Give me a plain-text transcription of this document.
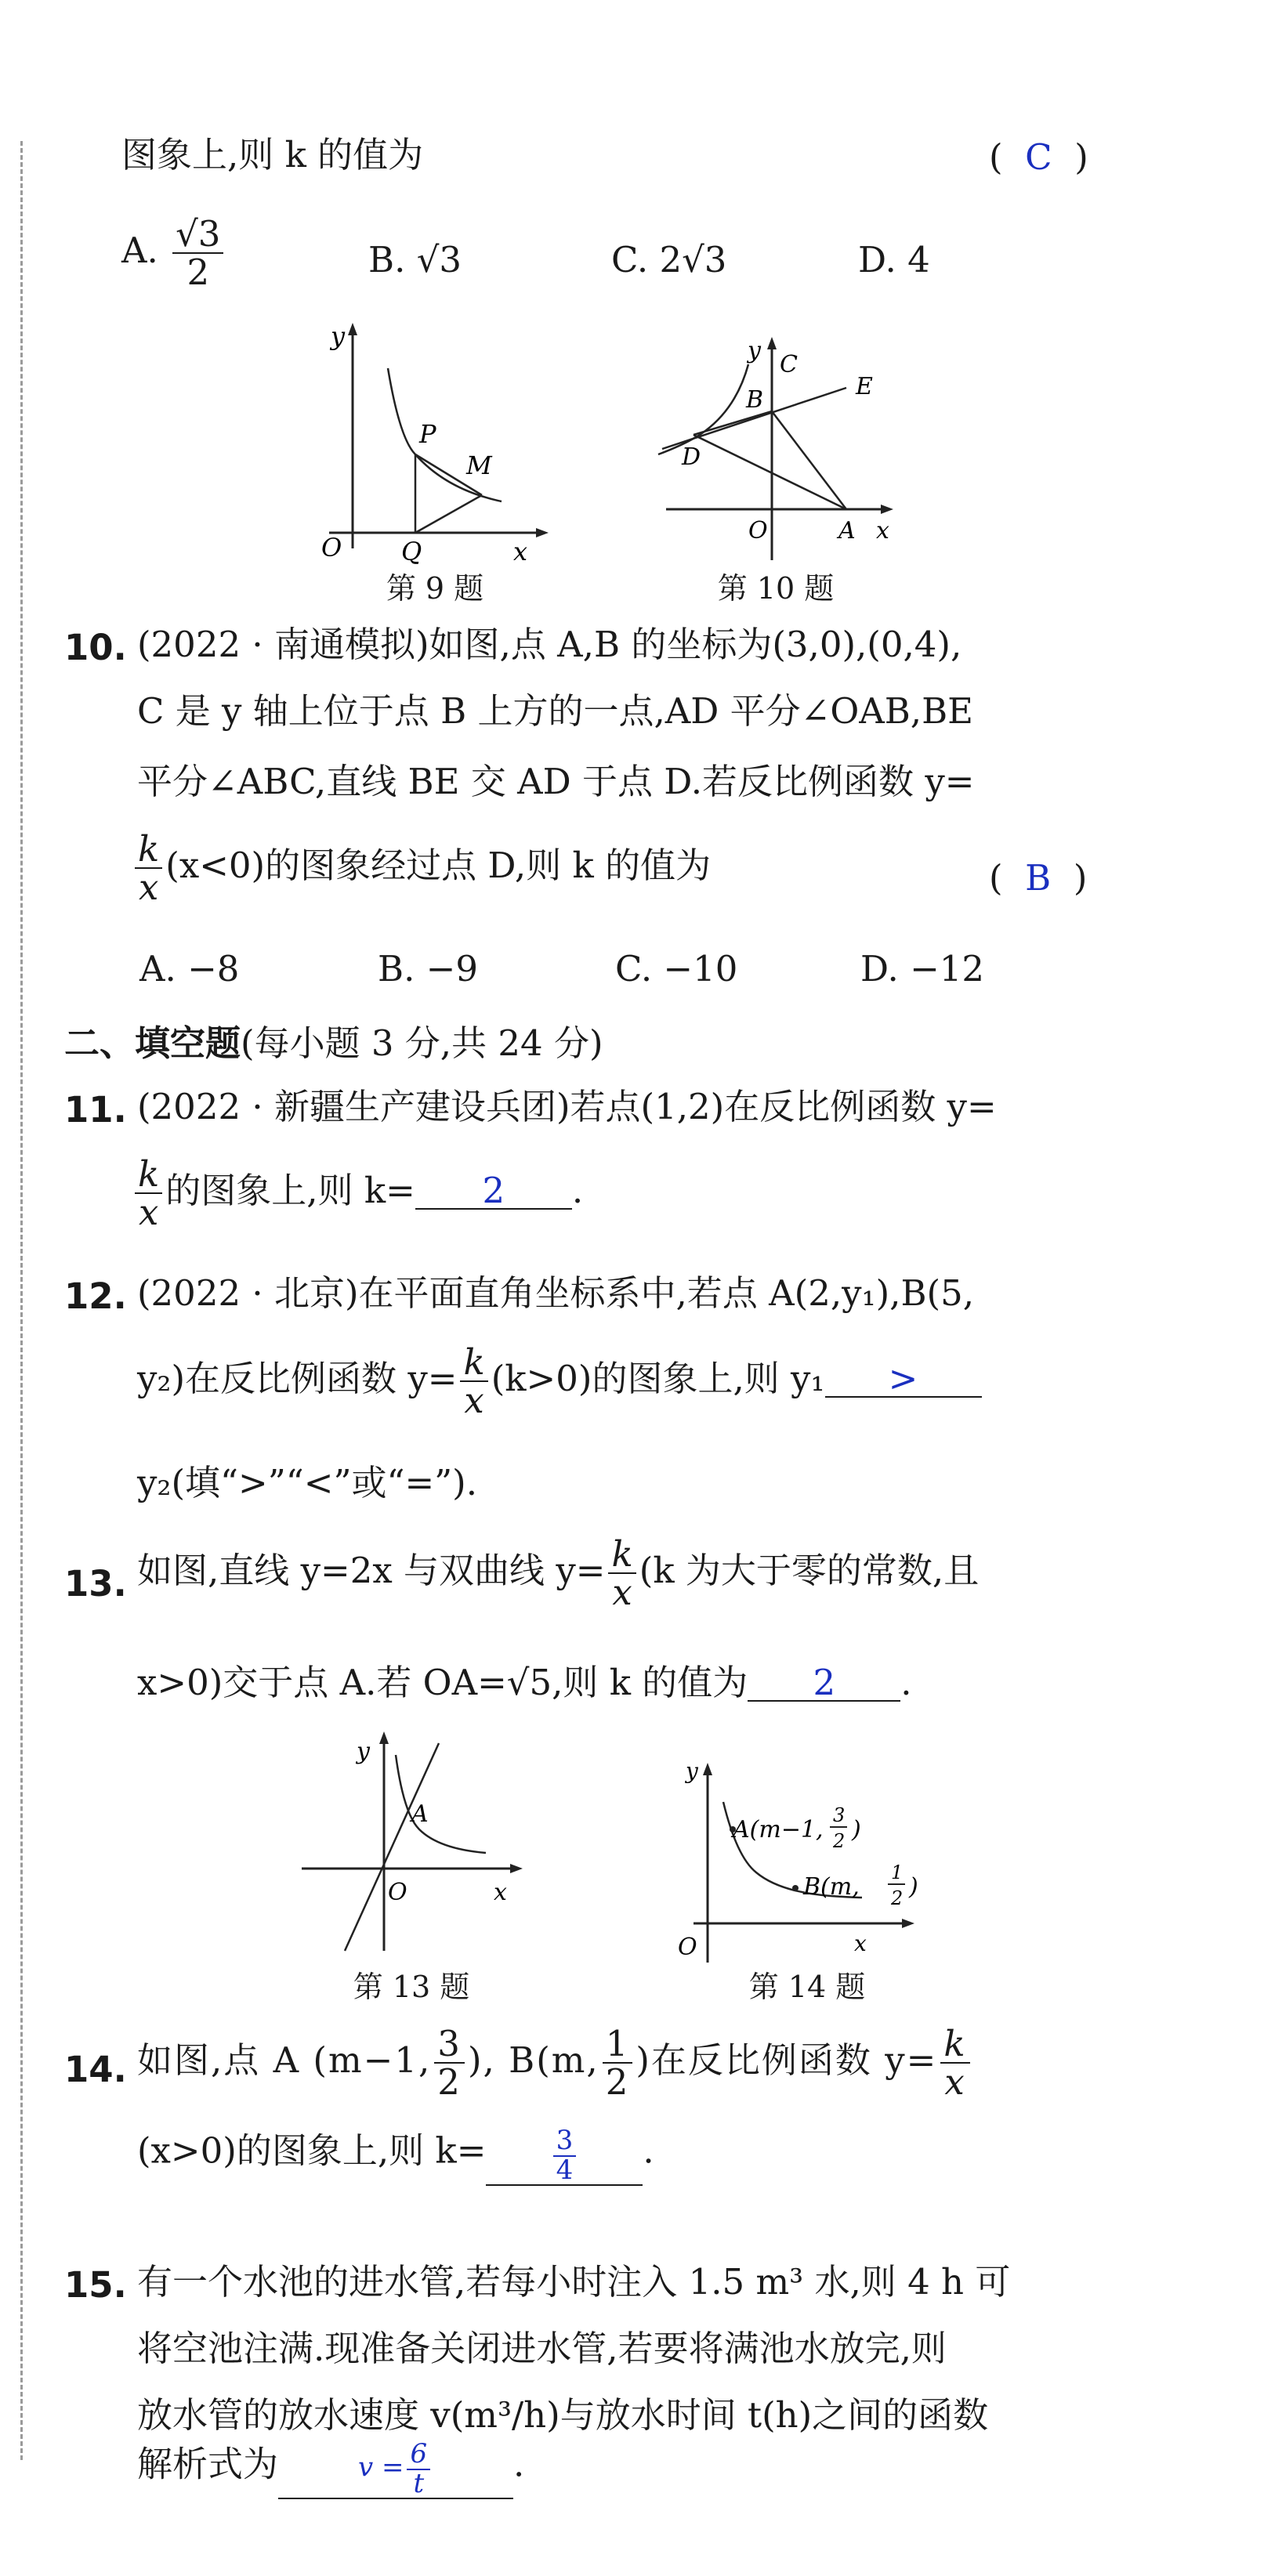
图象上,则 k 的值为	(  C  )
A. $\frac{√3}{2}$	B. √3	C. 2√3	D. 4
y
O Q
P
M
x
第 9 题
y
C
B	E
D
O	A x
第 10 题
10. (2022 · 南通模拟)如图,点 A,B 的坐标为(3,0),(0,4),
C 是 y 轴上位于点 B 上方的一点,AD 平分∠OAB,BE
平分∠ABC,直线 BE 交 AD 于点 D.若反比例函数 y=
$\frac{k}{x} (x<0)$的图象经过点 D,则 k 的值为	(  B  )
A. −8	B. −9	C. −10	D. −12
二、填空题(每小题 3 分,共 24 分)
11. (2022 · 新疆生产建设兵团)若点(1,2)在反比例函数 y=
$\frac{k}{x}$ 的图象上,则 k= 2 .
12. (2022 · 北京)在平面直角坐标系中,若点 A(2,y₁),B(5,
y₂)在反比例函数 $y= \frac{k}{x} (k>0)$的图象上,则 y₁ >
y₂(填“>”“<”或“=”).
13. 如图,直线 y=2x 与双曲线 $y= \frac{k}{x} (k$ 为大于零的常数,且
x>0)交于点 A.若 OA=√5,则 k 的值为 2 .
y
A
O	x
第 13 题
y
A(m−1,
3
2 )
B(m,
1
2 )
O	x
第 14 题
14. 如图,点 A (m−1, $\frac{3}{2}$ ), B(m, $\frac{1}{2}$ )在反比例函数 $y= \frac{k}{x}$
(x>0)的图象上,则 k=	$\frac{3}{4}$ .
15. 有一个水池的进水管,若每小时注入 1.5 m³ 水,则 4 h 可
将空池注满.现准备关闭进水管,若要将满池水放完,则
放水管的放水速度 v(m³/h)与放水时间 t(h)之间的函数
解析式为	$v = \frac{6}{t}$ .
